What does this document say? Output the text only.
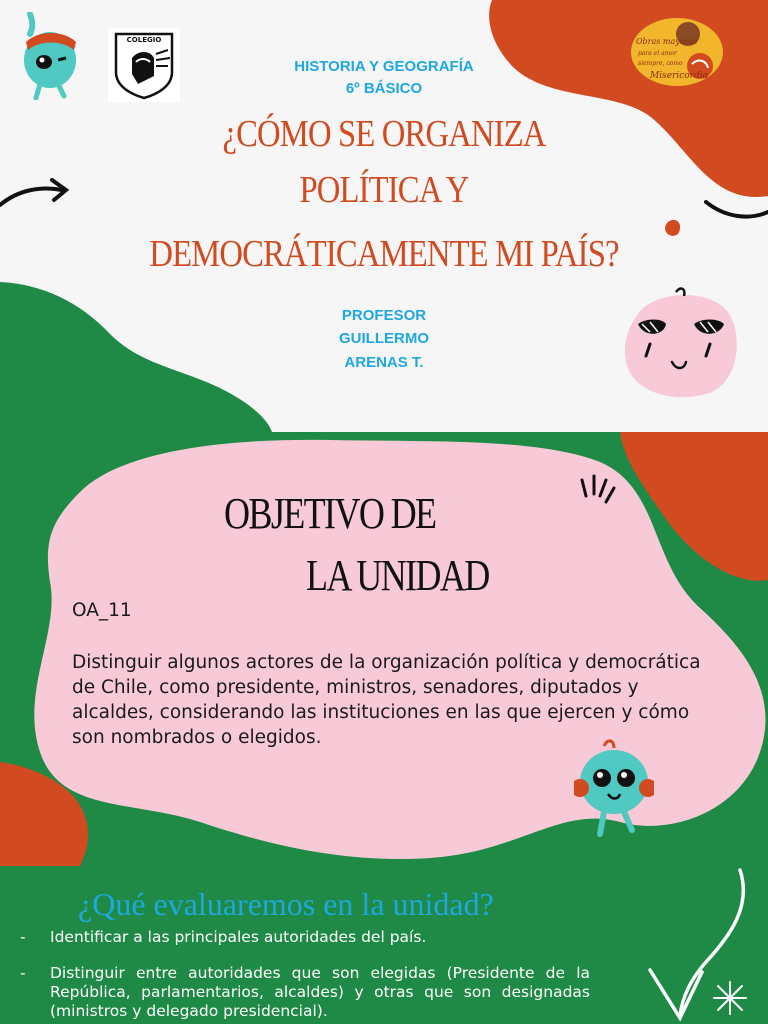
COLEGIO	Obras mayores
para el amor
siempre, como
Misericordia
HISTORIA Y GEOGRAFÍA
6º BÁSICO
¿CÓMO SE ORGANIZA
POLÍTICA Y
DEMOCRÁTICAMENTE MI PAÍS?
PROFESOR
GUILLERMO
ARENAS T.
OBJETIVO DE
LA UNIDAD
OA_11
Distinguir algunos actores de la organización política y democrática de Chile, como presidente, ministros, senadores, diputados y alcaldes, considerando las instituciones en las que ejercen y cómo son nombrados o elegidos.
¿Qué evaluaremos en la unidad?
- Identificar a las principales autoridades del país.
- Distinguir entre autoridades que son elegidas (Presidente de la República, parlamentarios, alcaldes) y otras que son designadas (ministros y delegado presidencial).
